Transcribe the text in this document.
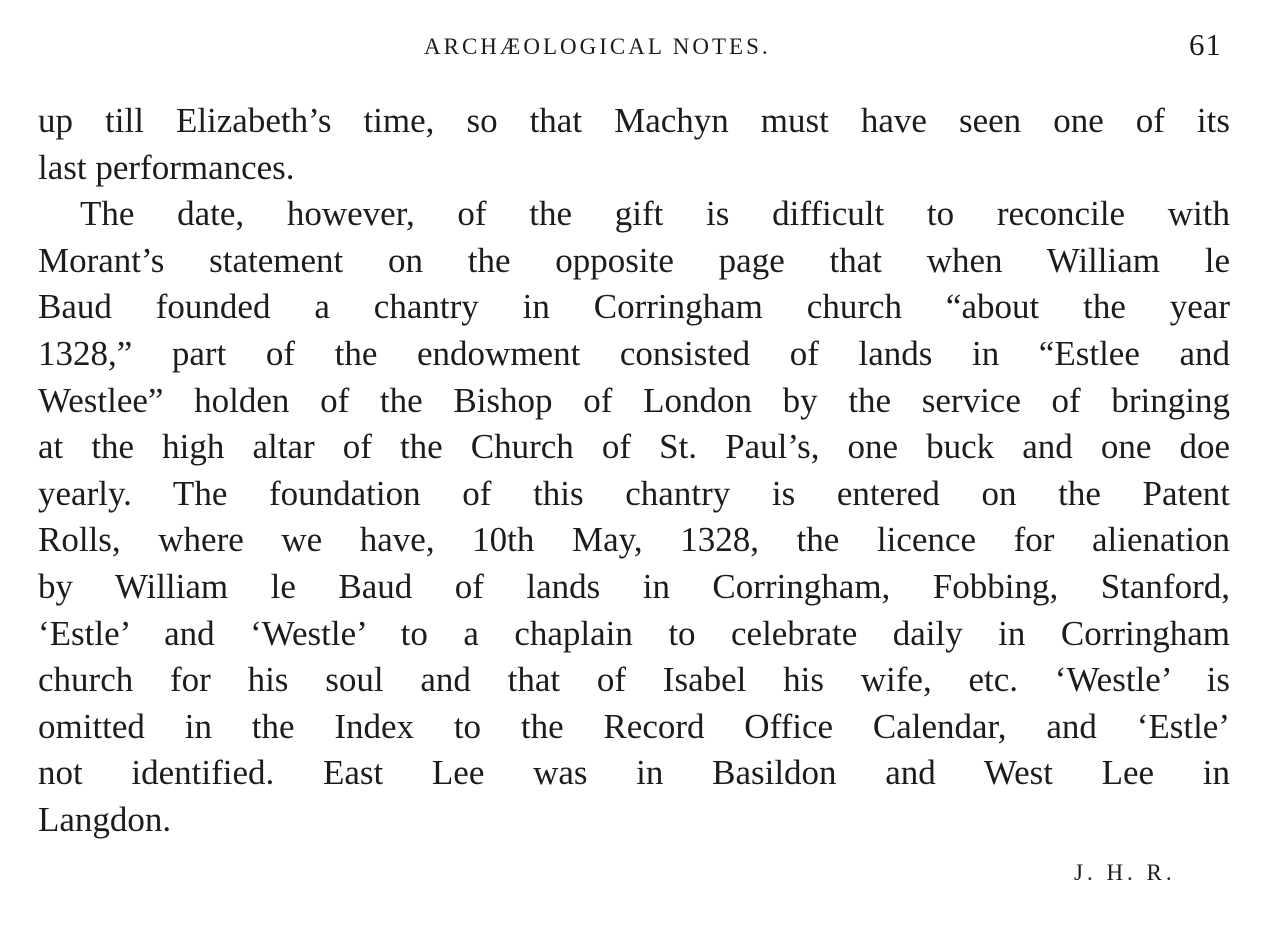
ARCHÆOLOGICAL NOTES.	61
up till Elizabeth’s time, so that Machyn must have seen one of its
last performances.
The date, however, of the gift is difficult to reconcile with
Morant’s statement on the opposite page that when William le
Baud founded a chantry in Corringham church “about the year
1328,” part of the endowment consisted of lands in “Estlee and
Westlee” holden of the Bishop of London by the service of bringing
at the high altar of the Church of St. Paul’s, one buck and one doe
yearly. The foundation of this chantry is entered on the Patent
Rolls, where we have, 10th May, 1328, the licence for alienation
by William le Baud of lands in Corringham, Fobbing, Stanford,
‘Estle’ and ‘Westle’ to a chaplain to celebrate daily in Corringham
church for his soul and that of Isabel his wife, etc. ‘Westle’ is
omitted in the Index to the Record Office Calendar, and ‘Estle’
not identified. East Lee was in Basildon and West Lee in
Langdon.
J. H. R.
